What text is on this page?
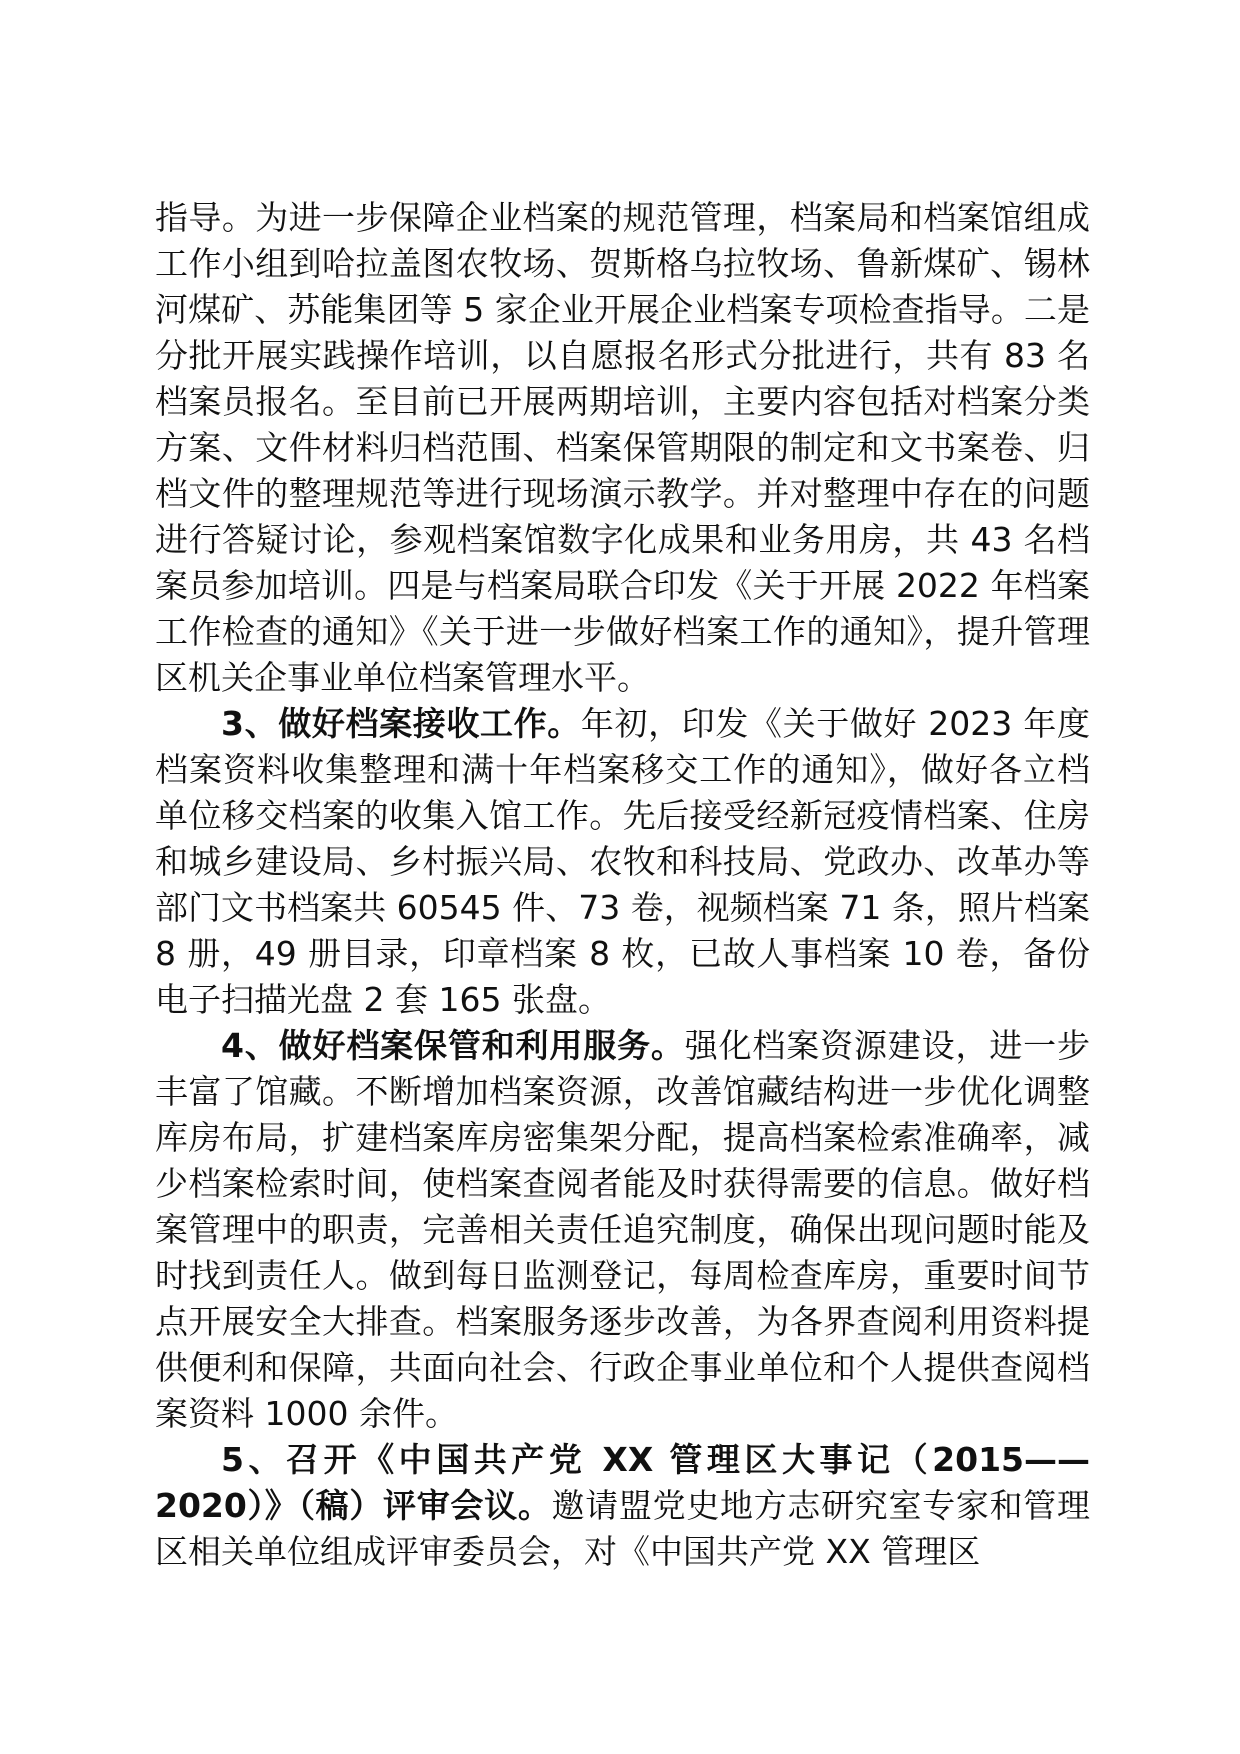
指导。为进一步保障企业档案的规范管理，档案局和档案馆组成工作小组到哈拉盖图农牧场、贺斯格乌拉牧场、鲁新煤矿、锡林河煤矿、苏能集团等 5 家企业开展企业档案专项检查指导。二是分批开展实践操作培训，以自愿报名形式分批进行，共有 83 名档案员报名。至目前已开展两期培训，主要内容包括对档案分类方案、文件材料归档范围、档案保管期限的制定和文书案卷、归档文件的整理规范等进行现场演示教学。并对整理中存在的问题进行答疑讨论，参观档案馆数字化成果和业务用房，共 43 名档案员参加培训。四是与档案局联合印发《关于开展 2022 年档案工作检查的通知》《关于进一步做好档案工作的通知》，提升管理区机关企事业单位档案管理水平。

3、做好档案接收工作。年初，印发《关于做好 2023 年度档案资料收集整理和满十年档案移交工作的通知》，做好各立档单位移交档案的收集入馆工作。先后接受经新冠疫情档案、住房和城乡建设局、乡村振兴局、农牧和科技局、党政办、改革办等部门文书档案共 60545 件、73 卷，视频档案 71 条，照片档案 8 册，49 册目录，印章档案 8 枚，已故人事档案 10 卷，备份电子扫描光盘 2 套 165 张盘。

4、做好档案保管和利用服务。强化档案资源建设，进一步丰富了馆藏。不断增加档案资源，改善馆藏结构进一步优化调整库房布局，扩建档案库房密集架分配，提高档案检索准确率，减少档案检索时间，使档案查阅者能及时获得需要的信息。做好档案管理中的职责，完善相关责任追究制度，确保出现问题时能及时找到责任人。做到每日监测登记，每周检查库房，重要时间节点开展安全大排查。档案服务逐步改善，为各界查阅利用资料提供便利和保障，共面向社会、行政企事业单位和个人提供查阅档案资料 1000 余件。

5、召开《中国共产党 XX 管理区大事记（2015——2020）》（稿）评审会议。邀请盟党史地方志研究室专家和管理区相关单位组成评审委员会，对《中国共产党 XX 管理区
